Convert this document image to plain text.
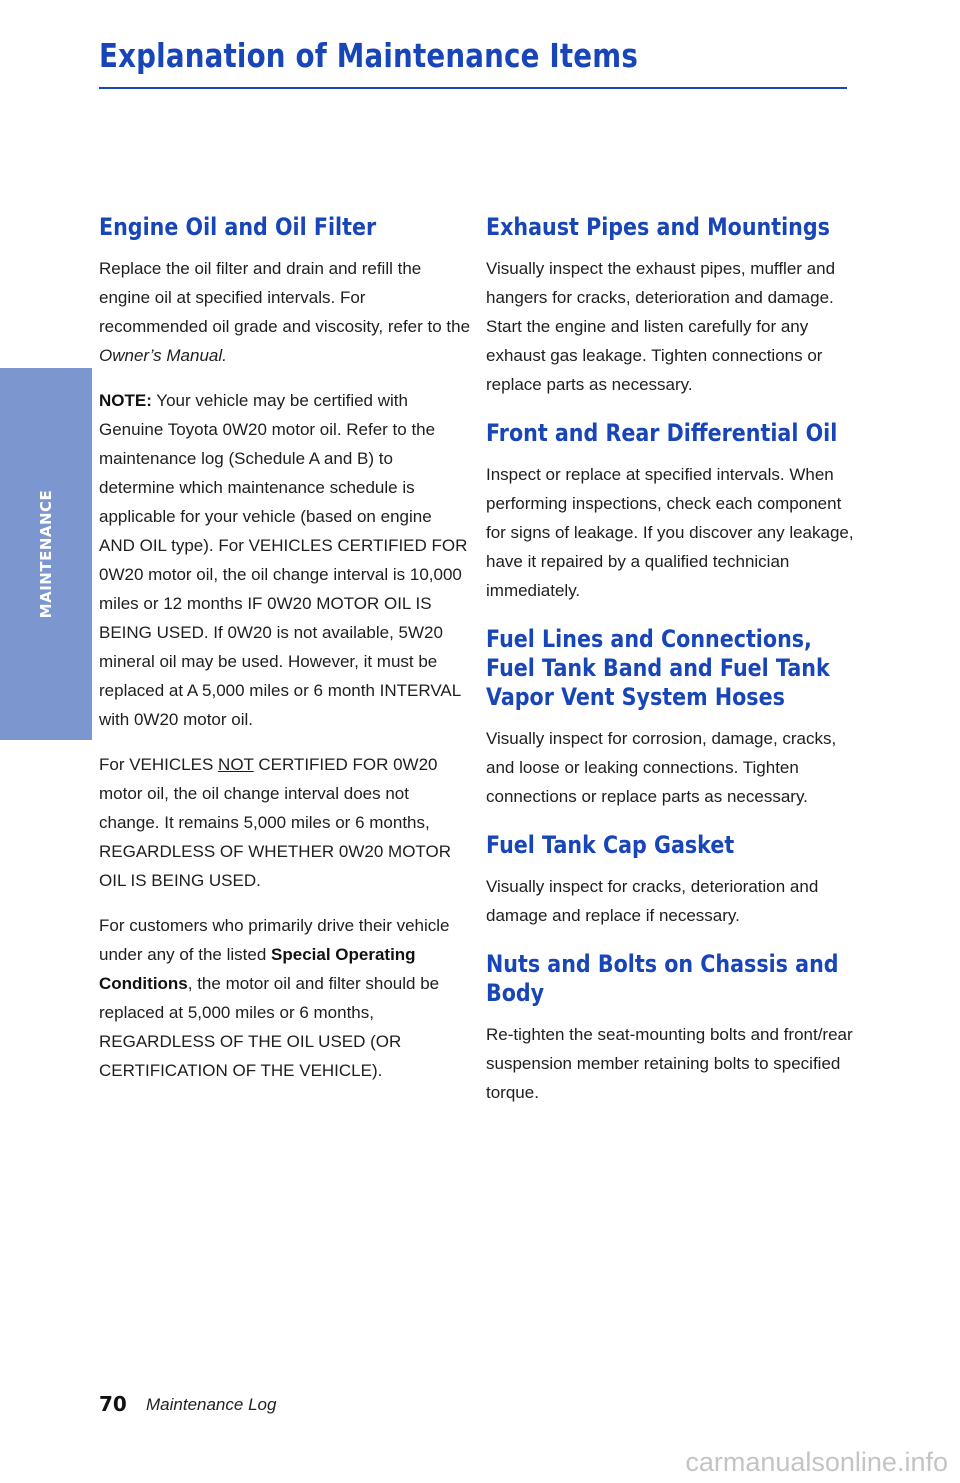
Explanation of Maintenance Items
MAINTENANCE
Engine Oil and Oil Filter

Replace the oil filter and drain and refill the engine oil at specified intervals. For recommended oil grade and viscosity, refer to the Owner’s Manual.

NOTE: Your vehicle may be certified with Genuine Toyota 0W20 motor oil. Refer to the maintenance log (Schedule A and B) to determine which maintenance schedule is applicable for your vehicle (based on engine AND OIL type). For VEHICLES CERTIFIED FOR 0W20 motor oil, the oil change interval is 10,000 miles or 12 months IF 0W20 MOTOR OIL IS BEING USED. If 0W20 is not available, 5W20 mineral oil may be used. However, it must be replaced at A 5,000 miles or 6 month INTERVAL with 0W20 motor oil.

For VEHICLES NOT CERTIFIED FOR 0W20 motor oil, the oil change interval does not change. It remains 5,000 miles or 6 months, REGARDLESS OF WHETHER 0W20 MOTOR OIL IS BEING USED.

For customers who primarily drive their vehicle under any of the listed Special Operating Conditions, the motor oil and filter should be replaced at 5,000 miles or 6 months, REGARDLESS OF THE OIL USED (OR CERTIFICATION OF THE VEHICLE).

Exhaust Pipes and Mountings

Visually inspect the exhaust pipes, muffler and hangers for cracks, deterioration and damage. Start the engine and listen carefully for any exhaust gas leakage. Tighten connections or replace parts as necessary.

Front and Rear Differential Oil

Inspect or replace at specified intervals. When performing inspections, check each component for signs of leakage. If you discover any leakage, have it repaired by a qualified technician immediately.

Fuel Lines and Connections,
Fuel Tank Band and Fuel Tank
Vapor Vent System Hoses

Visually inspect for corrosion, damage, cracks, and loose or leaking connections. Tighten connections or replace parts as necessary.

Fuel Tank Cap Gasket

Visually inspect for cracks, deterioration and damage and replace if necessary.

Nuts and Bolts on Chassis and
Body

Re-tighten the seat-mounting bolts and front/rear suspension member retaining bolts to specified torque.

70 Maintenance Log
carmanualsonline.info
